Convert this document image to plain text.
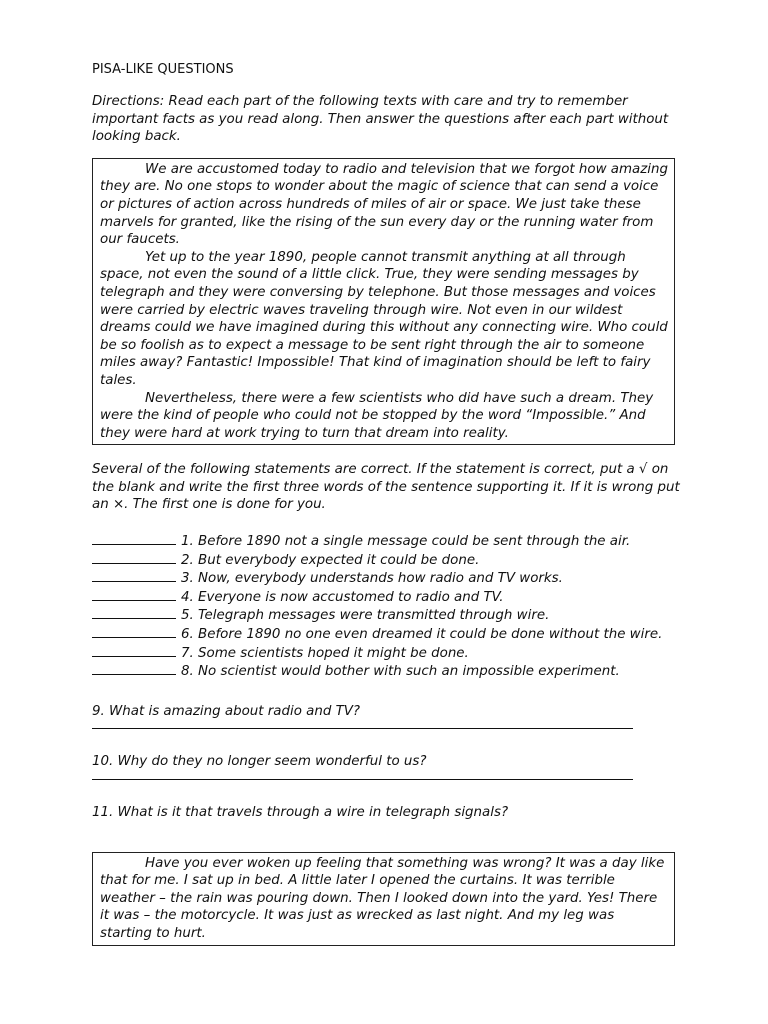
PISA-LIKE QUESTIONS

Directions: Read each part of the following texts with care and try to remember important facts as you read along. Then answer the questions after each part without looking back.

We are accustomed today to radio and television that we forgot how amazing they are. No one stops to wonder about the magic of science that can send a voice or pictures of action across hundreds of miles of air or space. We just take these marvels for granted, like the rising of the sun every day or the running water from our faucets.

Yet up to the year 1890, people cannot transmit anything at all through space, not even the sound of a little click. True, they were sending messages by telegraph and they were conversing by telephone. But those messages and voices were carried by electric waves traveling through wire. Not even in our wildest dreams could we have imagined during this without any connecting wire. Who could be so foolish as to expect a message to be sent right through the air to someone miles away? Fantastic! Impossible! That kind of imagination should be left to fairy tales.

Nevertheless, there were a few scientists who did have such a dream. They were the kind of people who could not be stopped by the word “Impossible.” And they were hard at work trying to turn that dream into reality.

Several of the following statements are correct. If the statement is correct, put a √ on the blank and write the first three words of the sentence supporting it. If it is wrong put an ×. The first one is done for you.

1. Before 1890 not a single message could be sent through the air.
2. But everybody expected it could be done.
3. Now, everybody understands how radio and TV works.
4. Everyone is now accustomed to radio and TV.
5. Telegraph messages were transmitted through wire.
6. Before 1890 no one even dreamed it could be done without the wire.
7. Some scientists hoped it might be done.
8. No scientist would bother with such an impossible experiment.

9. What is amazing about radio and TV?

10. Why do they no longer seem wonderful to us?

11. What is it that travels through a wire in telegraph signals?

Have you ever woken up feeling that something was wrong? It was a day like that for me. I sat up in bed. A little later I opened the curtains. It was terrible weather – the rain was pouring down. Then I looked down into the yard. Yes! There it was – the motorcycle. It was just as wrecked as last night. And my leg was starting to hurt.
